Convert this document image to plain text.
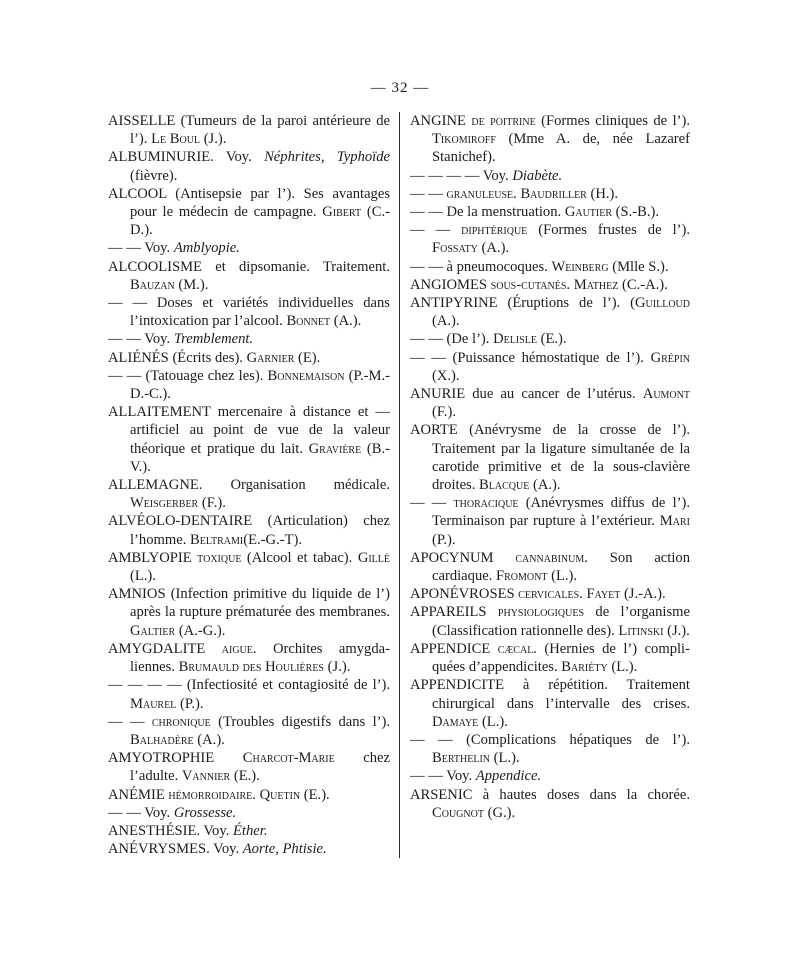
— 32 —

AISSELLE (Tumeurs de la paroi antérieure de l’). Le Boul (J.).

ALBUMINURIE. Voy. Néphrites, Typhoïde (fièvre).

ALCOOL (Antisepsie par l’). Ses avantages pour le médecin de campagne. Gibert (C.-D.).

— — Voy. Amblyopie.

ALCOOLISME et dipsomanie. Traitement. Bauzan (M.).

— — Doses et variétés individuelles dans l’intoxication par l’alcool. Bonnet (A.).

— — Voy. Tremblement.

ALIÉNÉS (Écrits des). Garnier (E).

— — (Tatouage chez les). Bonnemaison (P.-M.-D.-C.).

ALLAITEMENT mercenaire à distance et — artificiel au point de vue de la valeur théorique et pratique du lait. Gravière (B.-V.).

ALLEMAGNE. Organisation médicale. Weisgerber (F.).

ALVÉOLO-DENTAIRE (Articulation) chez l’homme. Beltrami(E.-G.-T).

AMBLYOPIE toxique (Alcool et tabac). Gillé (L.).

AMNIOS (Infection primitive du liquide de l’) après la rupture prématurée des membranes. Galtier (A.-G.).

AMYGDALITE aigue. Orchites amygdaliennes. Brumauld des Houlières (J.).

— — — — (Infectiosité et contagiosité de l’). Maurel (P.).

— — chronique (Troubles digestifs dans l’). Balhadère (A.).

AMYOTROPHIE Charcot-Marie chez l’adulte. Vannier (E.).

ANÉMIE hémorroidaire. Quetin (E.).

— — Voy. Grossesse.

ANESTHÉSIE. Voy. Éther.

ANÉVRYSMES. Voy. Aorte, Phtisie.

ANGINE de poitrine (Formes cliniques de l’). Tikomiroff (Mme A. de, née Lazaref Stanichef).

— — — — Voy. Diabète.

— — granuleuse. Baudriller (H.).

— — De la menstruation. Gautier (S.-B.).

— — diphtérique (Formes frustes de l’). Fossaty (A.).

— — à pneumocoques. Weinberg (Mlle S.).

ANGIOMES sous-cutanés. Mathez (C.-A.).

ANTIPYRINE (Éruptions de l’). (Guilloud (A.).

— — (De l’). Delisle (E.).

— — (Puissance hémostatique de l’). Grépin (X.).

ANURIE due au cancer de l’utérus. Aumont (F.).

AORTE (Anévrysme de la crosse de l’). Traitement par la ligature simultanée de la carotide primitive et de la sous-clavière droites. Blacque (A.).

— — thoracique (Anévrysmes diffus de l’). Terminaison par rupture à l’extérieur. Mari (P.).

APOCYNUM cannabinum. Son action cardiaque. Fromont (L.).

APONÉVROSES cervicales. Fayet (J.-A.).

APPAREILS physiologiques de l’organisme (Classification rationnelle des). Litinski (J.).

APPENDICE cæcal. (Hernies de l’) compliquées d’appendicites. Bariéty (L.).

APPENDICITE à répétition. Traitement chirurgical dans l’intervalle des crises. Damaye (L.).

— — (Complications hépatiques de l’). Berthelin (L.).

— — Voy. Appendice.

ARSENIC à hautes doses dans la chorée. Cougnot (G.).
